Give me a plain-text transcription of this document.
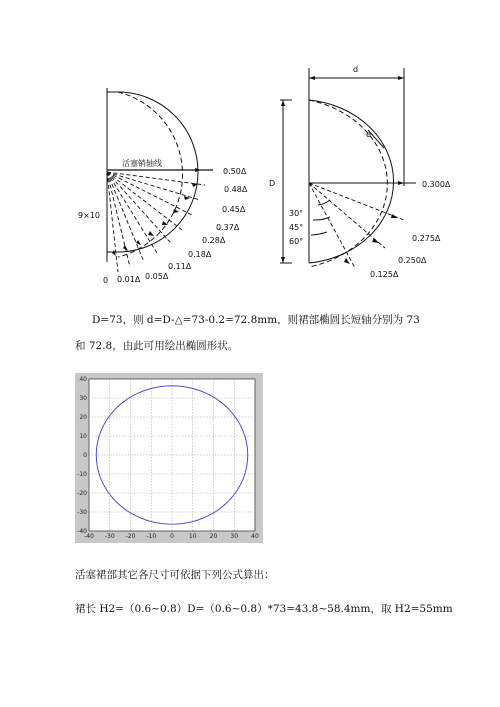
活塞销轴线
0.50Δ
0.48Δ
0.45Δ
0.37Δ
0.28Δ
0.18Δ
0.11Δ
0.05Δ
0.01Δ
0
9×10
d
e
D	0.300Δ
0.275Δ
0.250Δ
0.125Δ
30°
45°
60°
D=73，则 d=D-△=73-0.2=72.8mm，则裙部椭圆长短轴分别为 73
和 72.8，由此可用绘出椭圆形状。
-40 -30 -20 -10 0	10 20 30 40
40
30
20
10
0
-10
-20
-30
-40
活塞裙部其它各尺寸可依据下列公式算出：
裙长 H2=（0.6~0.8）D=（0.6~0.8）*73=43.8~58.4mm，取 H2=55mm
